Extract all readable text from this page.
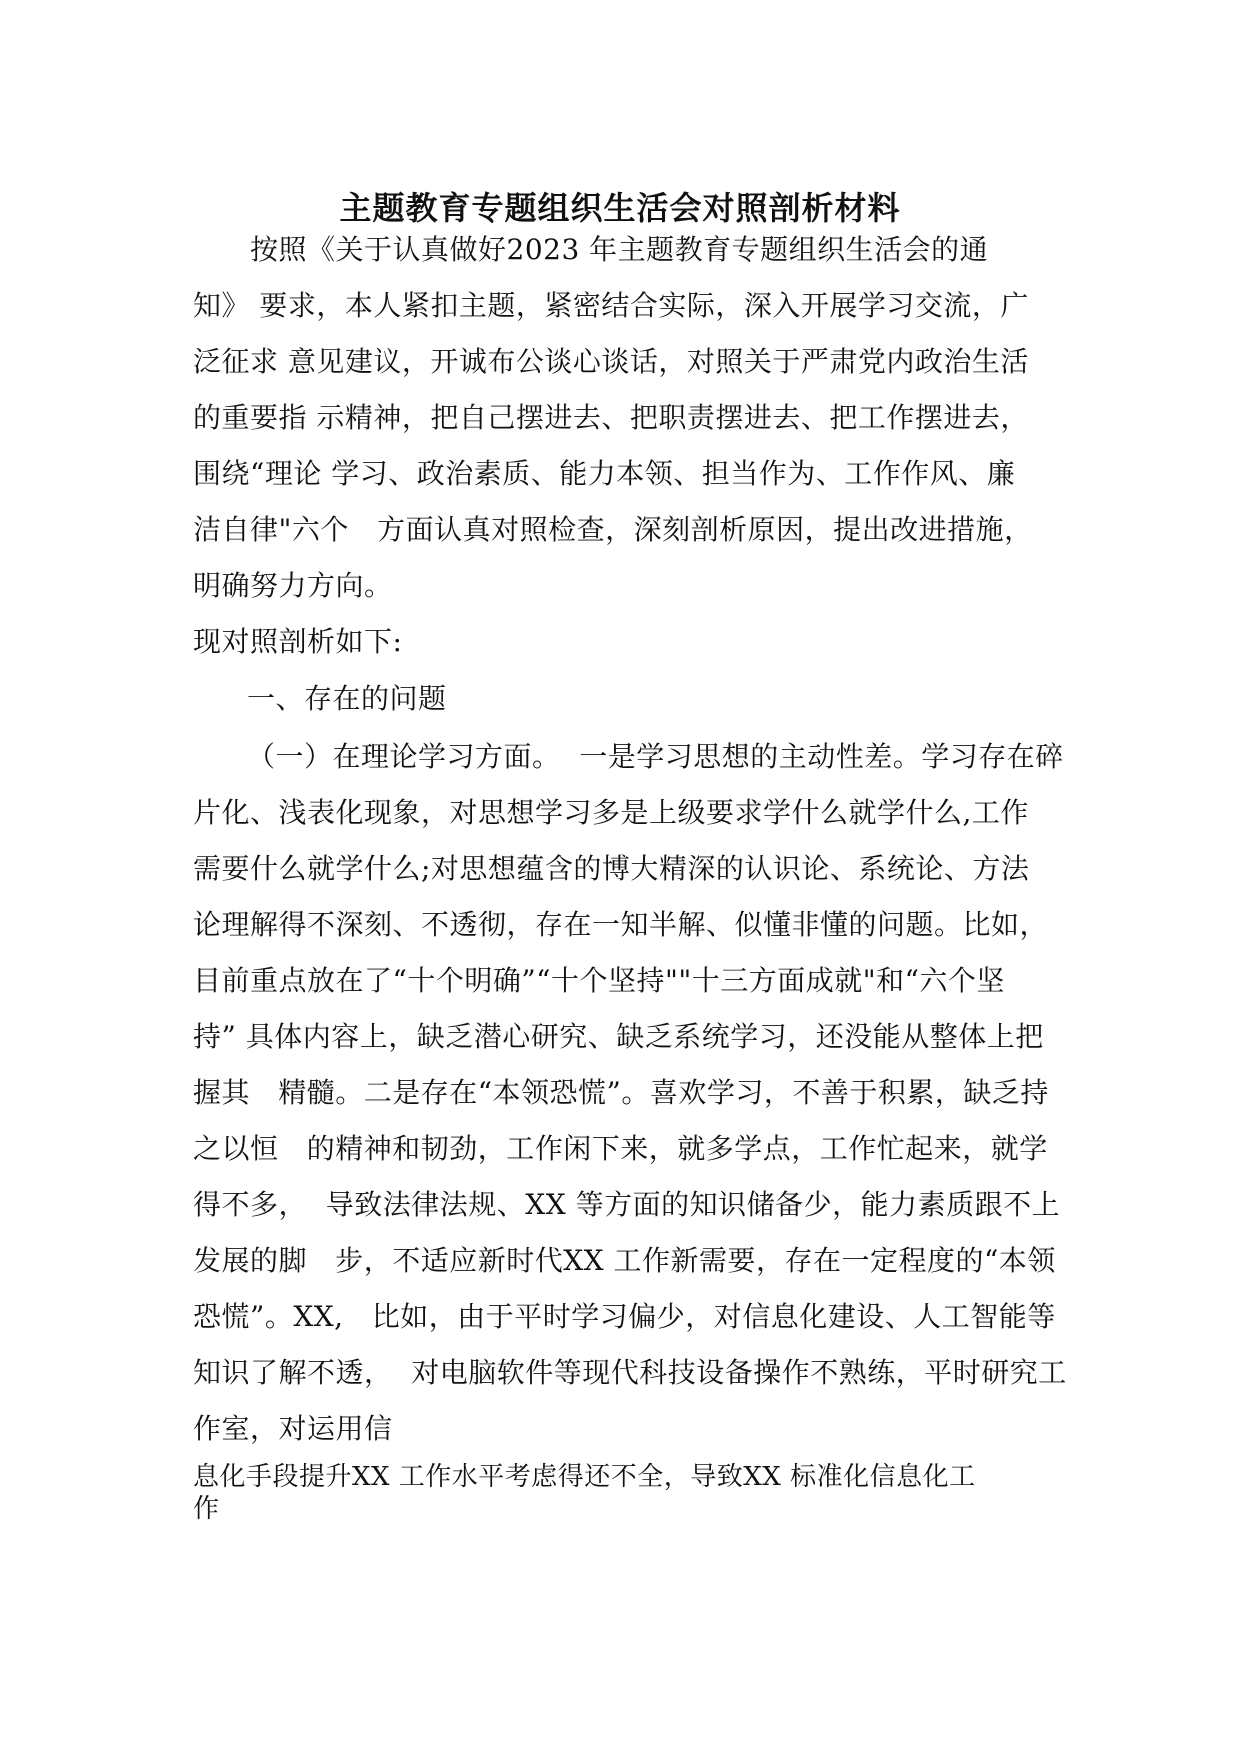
主题教育专题组织生活会对照剖析材料
按照《关于认真做好2023 年主题教育专题组织生活会的通
知》 要求，本人紧扣主题，紧密结合实际，深入开展学习交流，广
泛征求 意见建议，开诚布公谈心谈话，对照关于严肃党内政治生活
的重要指 示精神，把自己摆进去、把职责摆进去、把工作摆进去，
围绕“理论 学习、政治素质、能力本领、担当作为、工作作风、廉
洁自律"六个   方面认真对照检查，深刻剖析原因，提出改进措施，
明确努力方向。
现对照剖析如下:
一、存在的问题
（一）在理论学习方面。  一是学习思想的主动性差。学习存在碎
片化、浅表化现象，对思想学习多是上级要求学什么就学什么,工作
需要什么就学什么;对思想蕴含的博大精深的认识论、系统论、方法
论理解得不深刻、不透彻，存在一知半解、似懂非懂的问题。比如，
目前重点放在了“十个明确”“十个坚持""十三方面成就"和“六个坚
持” 具体内容上，缺乏潜心研究、缺乏系统学习，还没能从整体上把
握其   精髓。二是存在“本领恐慌”。喜欢学习，不善于积累，缺乏持
之以恒   的精神和韧劲，工作闲下来，就多学点，工作忙起来，就学
得不多，  导致法律法规、XX 等方面的知识储备少，能力素质跟不上
发展的脚   步，不适应新时代XX 工作新需要，存在一定程度的“本领
恐慌”。XX,   比如，由于平时学习偏少，对信息化建设、人工智能等
知识了解不透，  对电脑软件等现代科技设备操作不熟练，平时研究工
作室，对运用信
息化手段提升XX 工作水平考虑得还不全，导致XX 标准化信息化工
作
